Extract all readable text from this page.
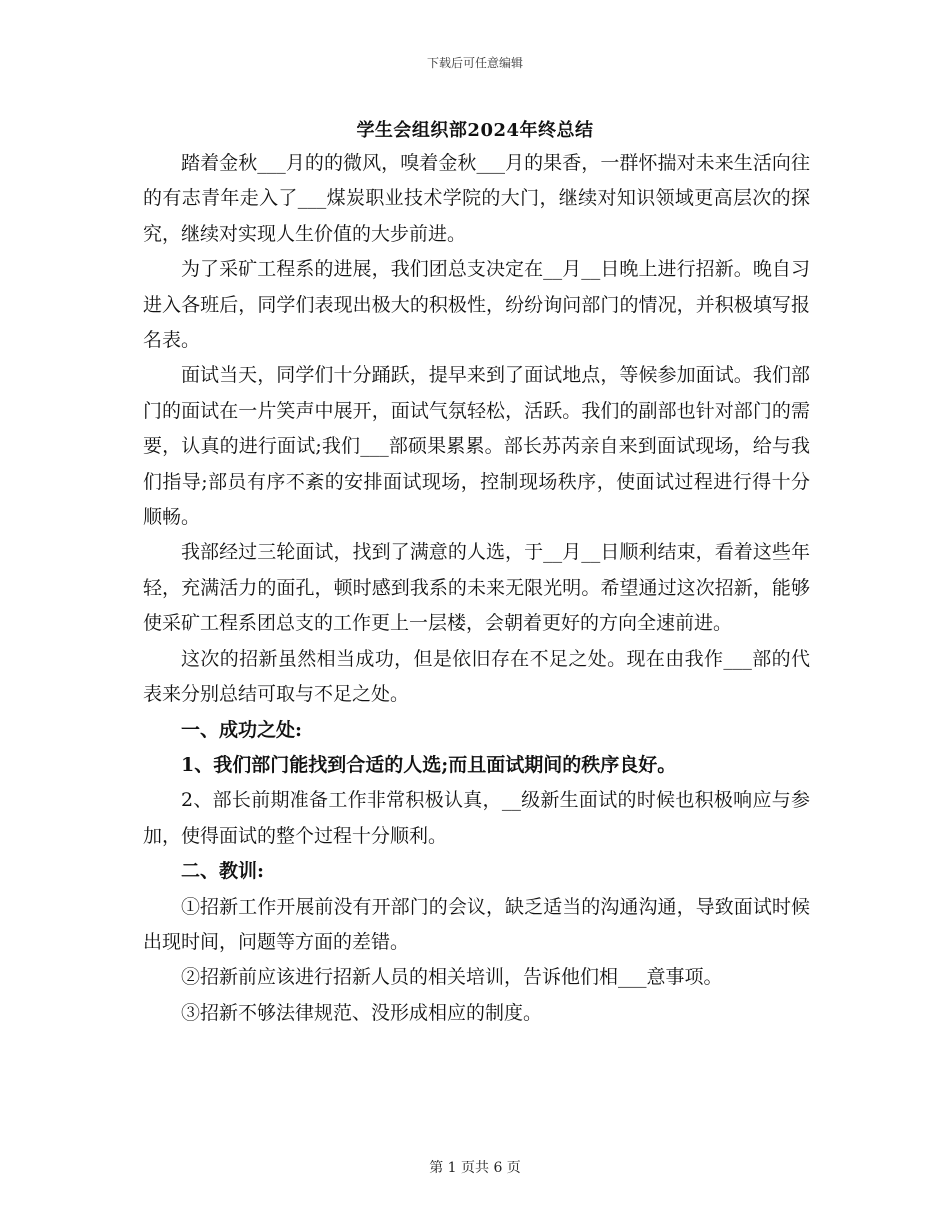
下载后可任意编辑
学生会组织部2024年终总结

踏着金秋___月的的微风，嗅着金秋___月的果香，一群怀揣对未来生活向往的有志青年走入了___煤炭职业技术学院的大门，继续对知识领域更高层次的探究，继续对实现人生价值的大步前进。

为了采矿工程系的进展，我们团总支决定在__月__日晚上进行招新。晚自习进入各班后，同学们表现出极大的积极性，纷纷询问部门的情况，并积极填写报名表。

面试当天，同学们十分踊跃，提早来到了面试地点，等候参加面试。我们部门的面试在一片笑声中展开，面试气氛轻松，活跃。我们的副部也针对部门的需要，认真的进行面试;我们___部硕果累累。部长苏芮亲自来到面试现场，给与我们指导;部员有序不紊的安排面试现场，控制现场秩序，使面试过程进行得十分顺畅。

我部经过三轮面试，找到了满意的人选，于__月__日顺利结束，看着这些年轻，充满活力的面孔，顿时感到我系的未来无限光明。希望通过这次招新，能够使采矿工程系团总支的工作更上一层楼，会朝着更好的方向全速前进。

这次的招新虽然相当成功，但是依旧存在不足之处。现在由我作___部的代表来分别总结可取与不足之处。

一、成功之处:

1、我们部门能找到合适的人选;而且面试期间的秩序良好。

2、部长前期准备工作非常积极认真，__级新生面试的时候也积极响应与参加，使得面试的整个过程十分顺利。

二、教训:

①招新工作开展前没有开部门的会议，缺乏适当的沟通沟通，导致面试时候出现时间，问题等方面的差错。

②招新前应该进行招新人员的相关培训，告诉他们相___意事项。

③招新不够法律规范、没形成相应的制度。

第 1 页共 6 页
